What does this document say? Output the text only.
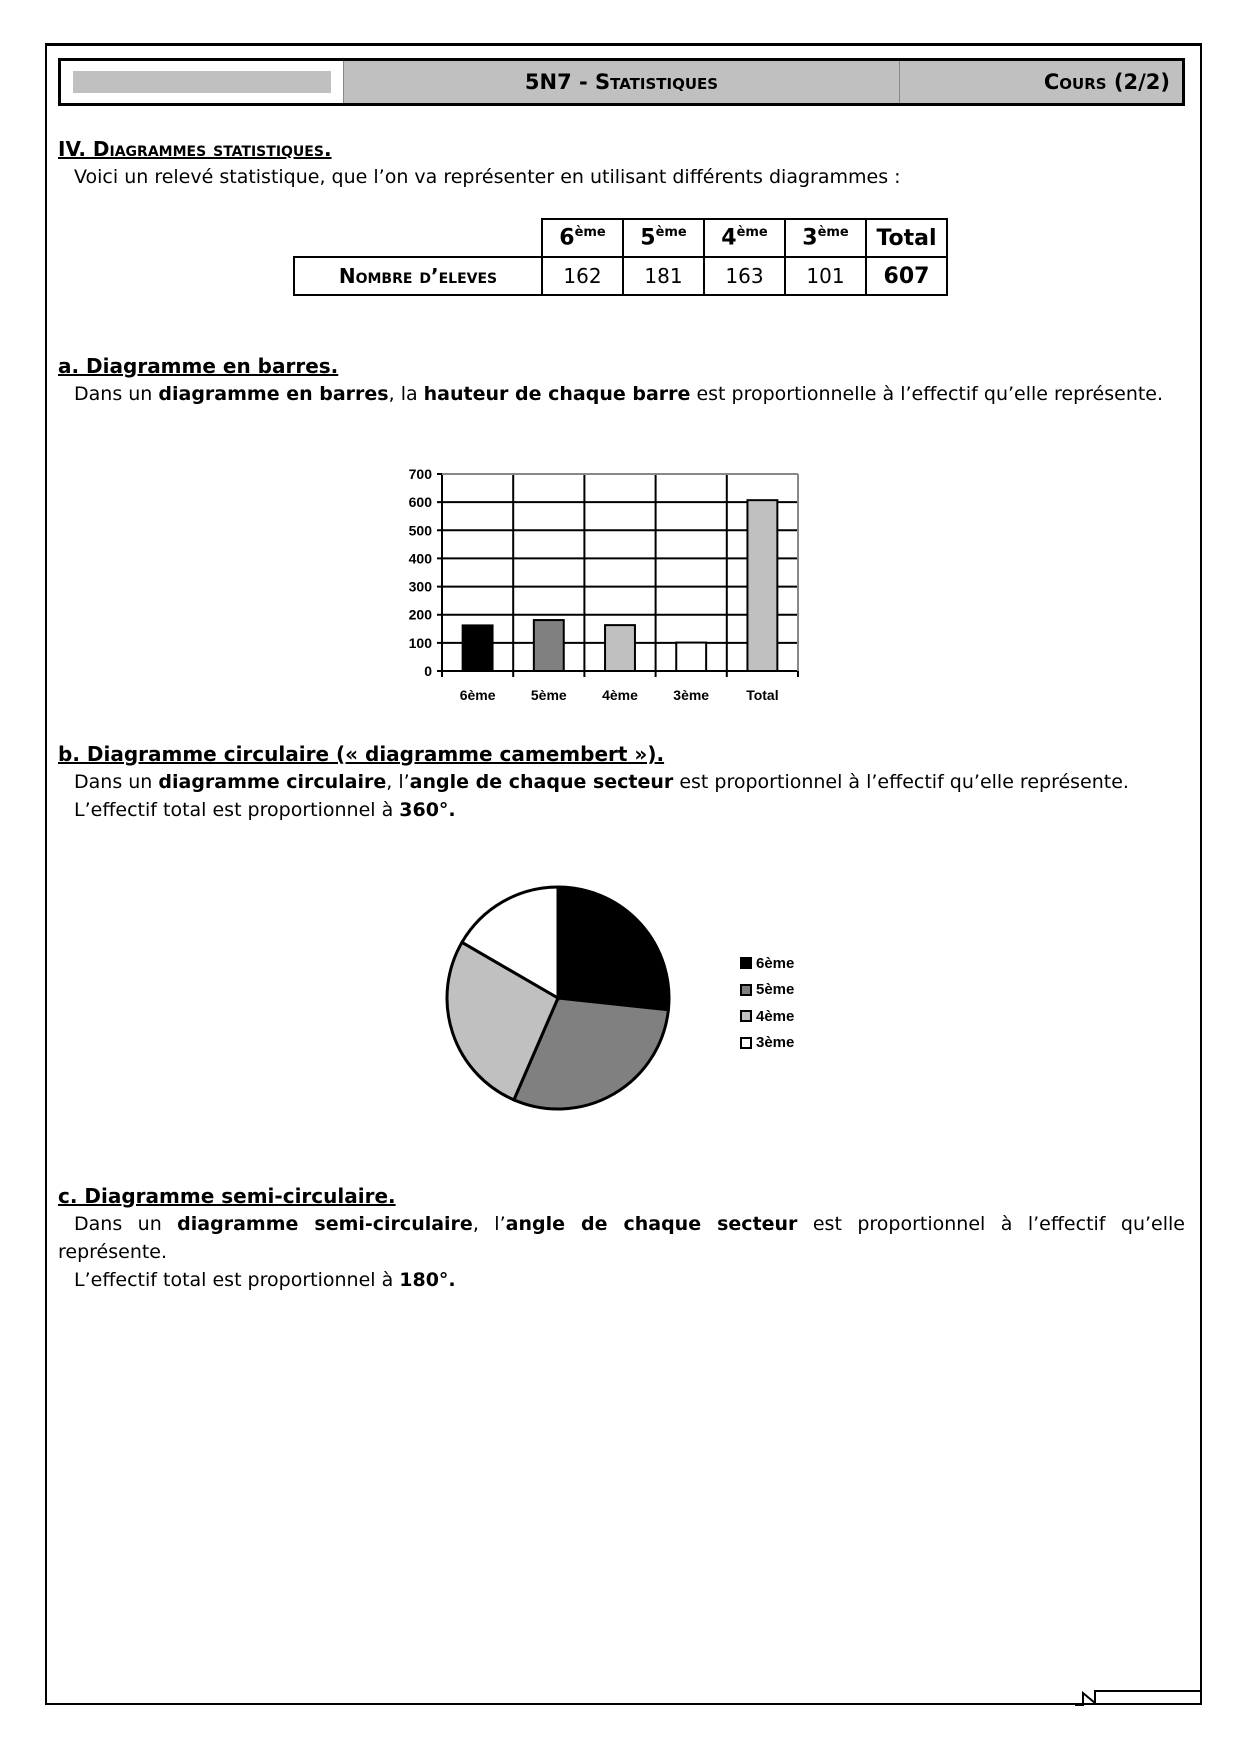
5N7 - Statistiques	Cours (2/2)
IV. Diagrammes statistiques.
Voici un relevé statistique, que l’on va représenter en utilisant différents diagrammes :
	6ème	5ème	4ème	3ème	Total
Nombre d’eleves	162	181	163	101	607
a. Diagramme en barres.
Dans un diagramme en barres, la hauteur de chaque barre est proportionnelle à l’effectif qu’elle représente.
b. Diagramme circulaire (« diagramme camembert »).
Dans un diagramme circulaire, l’angle de chaque secteur est proportionnel à l’effectif qu’elle représente.
L’effectif total est proportionnel à 360°.
c. Diagramme semi-circulaire.
Dans un diagramme semi-circulaire, l’angle de chaque secteur est proportionnel à l’effectif qu’elle représente.
L’effectif total est proportionnel à 180°.
0
100
200
300
400
500
600
700
6ème	5ème	4ème	3ème	Total
6ème
5ème
4ème
3ème
